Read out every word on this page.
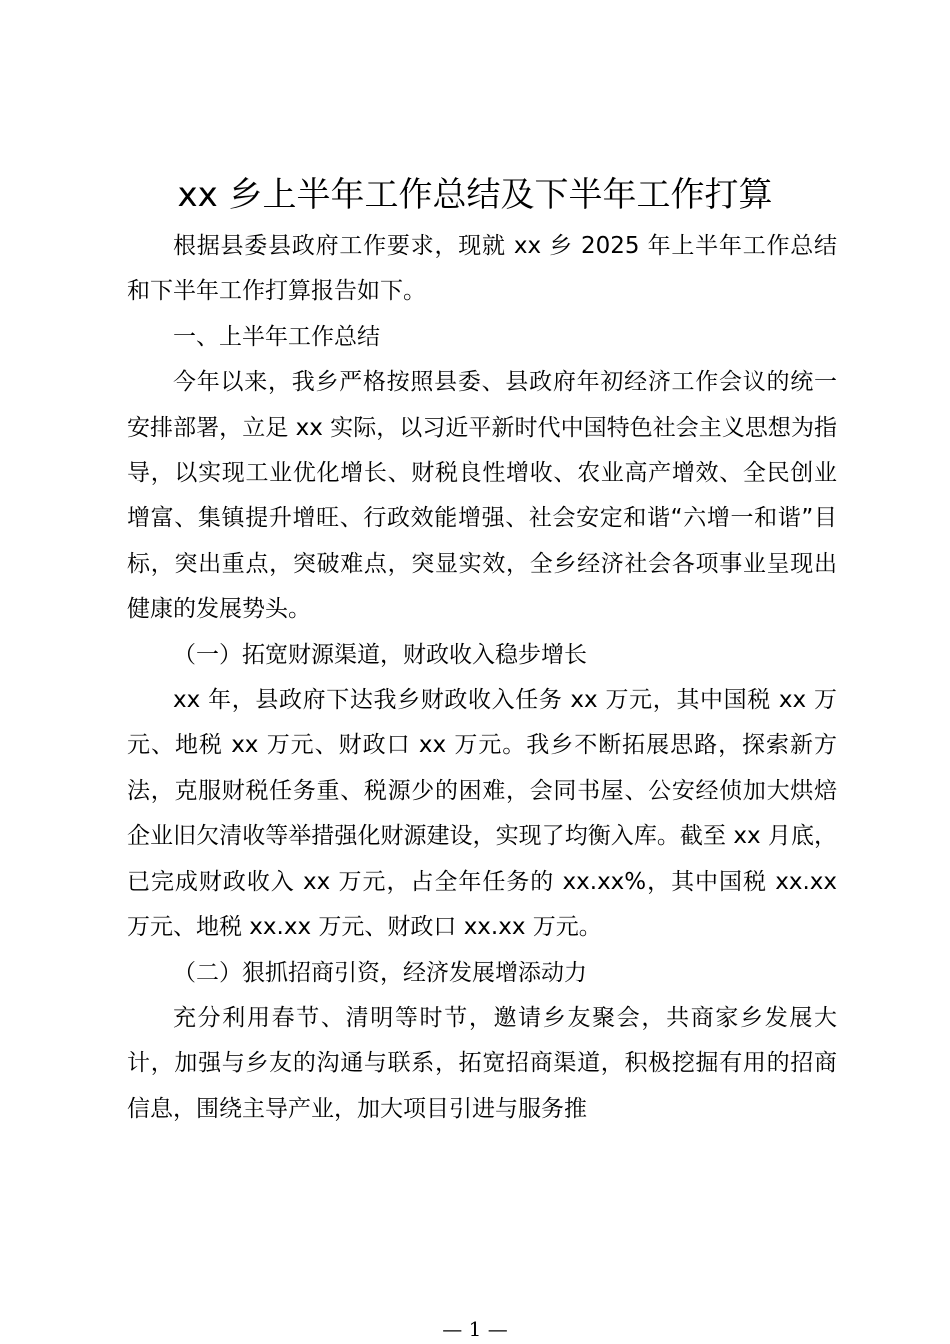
xx 乡上半年工作总结及下半年工作打算

根据县委县政府工作要求，现就 xx 乡 2025 年上半年工作总结和下半年工作打算报告如下。

一、上半年工作总结

今年以来，我乡严格按照县委、县政府年初经济工作会议的统一安排部署，立足 xx 实际，以习近平新时代中国特色社会主义思想为指导，以实现工业优化增长、财税良性增收、农业高产增效、全民创业增富、集镇提升增旺、行政效能增强、社会安定和谐“六增一和谐”目标，突出重点，突破难点，突显实效，全乡经济社会各项事业呈现出健康的发展势头。

（一）拓宽财源渠道，财政收入稳步增长

xx 年，县政府下达我乡财政收入任务 xx 万元，其中国税 xx 万元、地税 xx 万元、财政口 xx 万元。我乡不断拓展思路，探索新方法，克服财税任务重、税源少的困难，会同书屋、公安经侦加大烘焙企业旧欠清收等举措强化财源建设，实现了均衡入库。截至 xx 月底，已完成财政收入 xx 万元，占全年任务的 xx.xx%，其中国税 xx.xx 万元、地税 xx.xx 万元、财政口 xx.xx 万元。

（二）狠抓招商引资，经济发展增添动力

充分利用春节、清明等时节，邀请乡友聚会，共商家乡发展大计，加强与乡友的沟通与联系，拓宽招商渠道，积极挖掘有用的招商信息，围绕主导产业，加大项目引进与服务推

— 1 —
